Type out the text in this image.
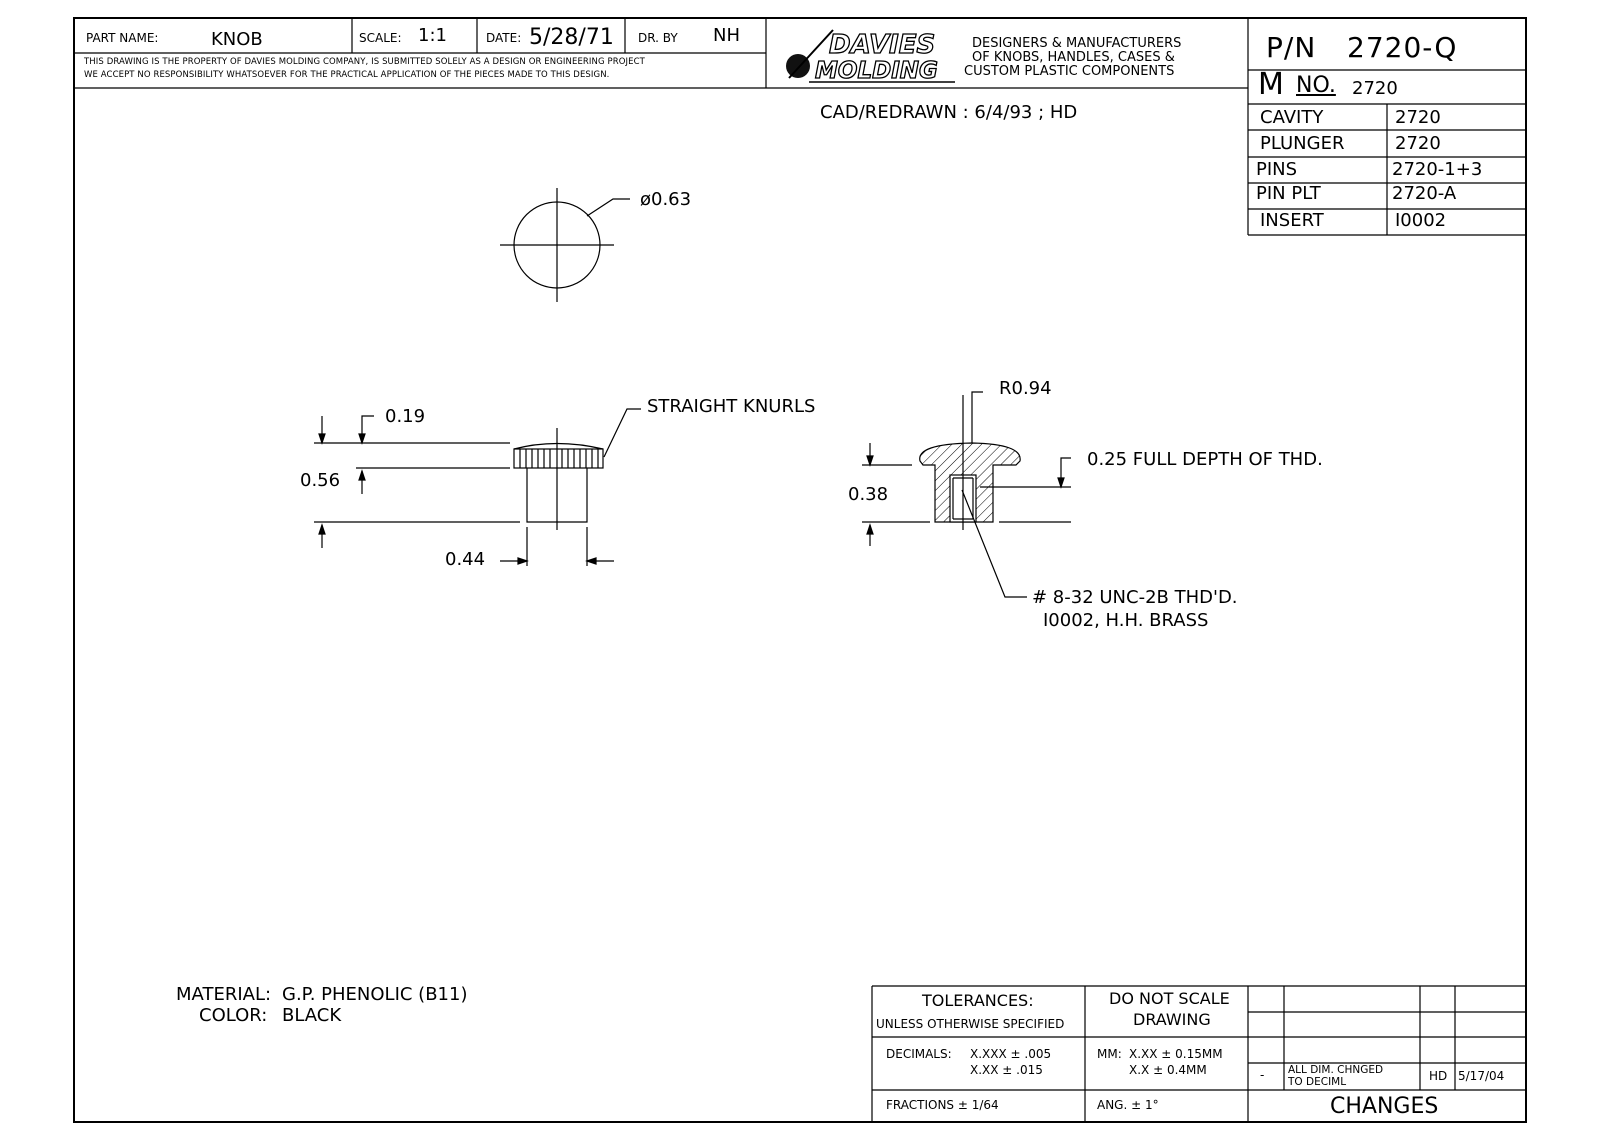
PART NAME:	KNOB	SCALE: 1:1	DATE: 5/28/71 DR. BY NH
THIS DRAWING IS THE PROPERTY OF DAVIES MOLDING COMPANY, IS SUBMITTED SOLELY AS A DESIGN OR ENGINEERING PROJECT
WE ACCEPT NO RESPONSIBILITY WHATSOEVER FOR THE PRACTICAL APPLICATION OF THE PIECES MADE TO THIS DESIGN.
DAVIES
MOLDING
DESIGNERS & MANUFACTURERS
OF KNOBS, HANDLES, CASES &
CUSTOM PLASTIC COMPONENTS
CAD/REDRAWN : 6/4/93 ; HD
P/N 2720-Q
M NO. 2720
CAVITY	2720
PLUNGER	2720
PINS	2720-1+3
PIN PLT	2720-A
INSERT	I0002
ø0.63
0.19
0.56
0.44
STRAIGHT KNURLS
R0.94
0.38
0.25 FULL DEPTH OF THD.
# 8-32 UNC-2B THD'D.
I0002, H.H. BRASS
MATERIAL: G.P. PHENOLIC (B11)
COLOR: BLACK
TOLERANCES:
UNLESS OTHERWISE SPECIFIED
DO NOT SCALE
DRAWING
DECIMALS: X.XXX ± .005
X.XX ± .015
MM: X.XX ± 0.15MM
X.X ± 0.4MM
FRACTIONS ± 1/64	ANG. ± 1°
- ALL DIM. CHNGED
TO DECIML	HD 5/17/04
CHANGES
